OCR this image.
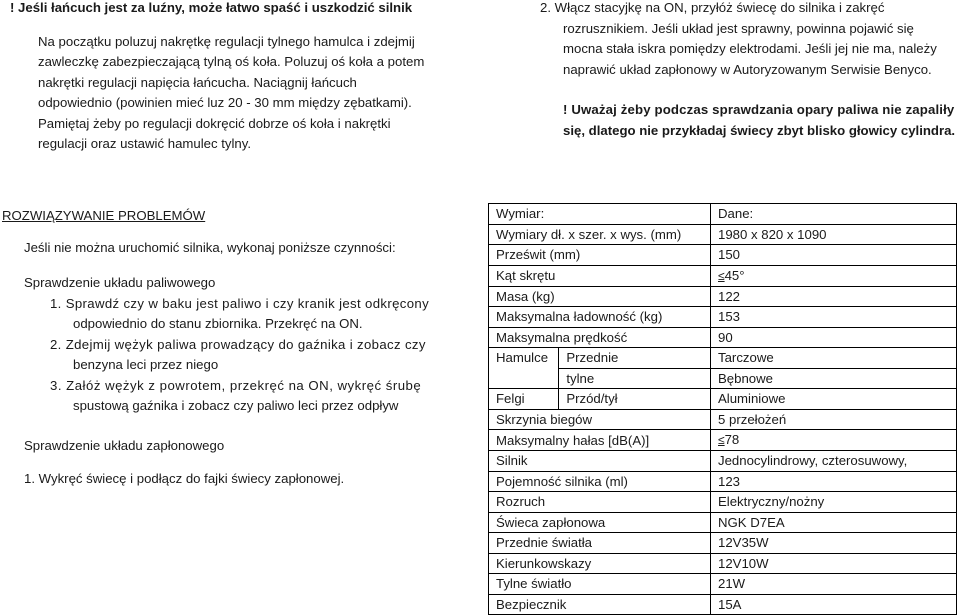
! Jeśli łańcuch jest za luźny, może łatwo spaść i uszkodzić silnik
Na początku poluzuj nakrętkę regulacji tylnego hamulca i zdejmij
zawleczkę zabezpieczającą tylną oś koła. Poluzuj oś koła a potem
nakrętki regulacji napięcia łańcucha. Naciągnij łańcuch
odpowiednio (powinien mieć luz 20 - 30 mm między zębatkami).
Pamiętaj żeby po regulacji dokręcić dobrze oś koła i nakrętki
regulacji oraz ustawić hamulec tylny.
2. Włącz stacyjkę na ON, przyłóż świecę do silnika i zakręć
rozrusznikiem. Jeśli układ jest sprawny, powinna pojawić się
mocna stała iskra pomiędzy elektrodami. Jeśli jej nie ma, należy
naprawić układ zapłonowy w Autoryzowanym Serwisie Benyco.
! Uważaj żeby podczas sprawdzania opary paliwa nie zapaliły
się, dlatego nie przykładaj świecy zbyt blisko głowicy cylindra.
ROZWIĄZYWANIE PROBLEMÓW
Jeśli nie można uruchomić silnika, wykonaj poniższe czynności:
Sprawdzenie układu paliwowego
1. Sprawdź czy w baku jest paliwo i czy kranik jest odkręcony
odpowiednio do stanu zbiornika. Przekręć na ON.
2. Zdejmij wężyk paliwa prowadzący do gaźnika i zobacz czy
benzyna leci przez niego
3. Załóż wężyk z powrotem, przekręć na ON, wykręć śrubę
spustową gaźnika i zobacz czy paliwo leci przez odpływ
Sprawdzenie układu zapłonowego
1. Wykręć świecę i podłącz do fajki świecy zapłonowej.
Wymiar:		Dane:
Wymiary dł. x szer. x wys. (mm)		1980 x 820 x 1090
Prześwit (mm)		150
Kąt skrętu		≤45°
Masa (kg)		122
Maksymalna ładowność (kg)		153
Maksymalna prędkość		90
Hamulce	Przednie	Tarczowe
	tylne	Bębnowe
Felgi	Przód/tył	Aluminiowe
Skrzynia biegów		5 przełożeń
Maksymalny hałas [dB(A)]		≤78
Silnik		Jednocylindrowy, czterosuwowy,
Pojemność silnika (ml)		123
Rozruch		Elektryczny/nożny
Świeca zapłonowa		NGK D7EA
Przednie światła		12V35W
Kierunkowskazy		12V10W
Tylne światło		21W
Bezpiecznik		15A
